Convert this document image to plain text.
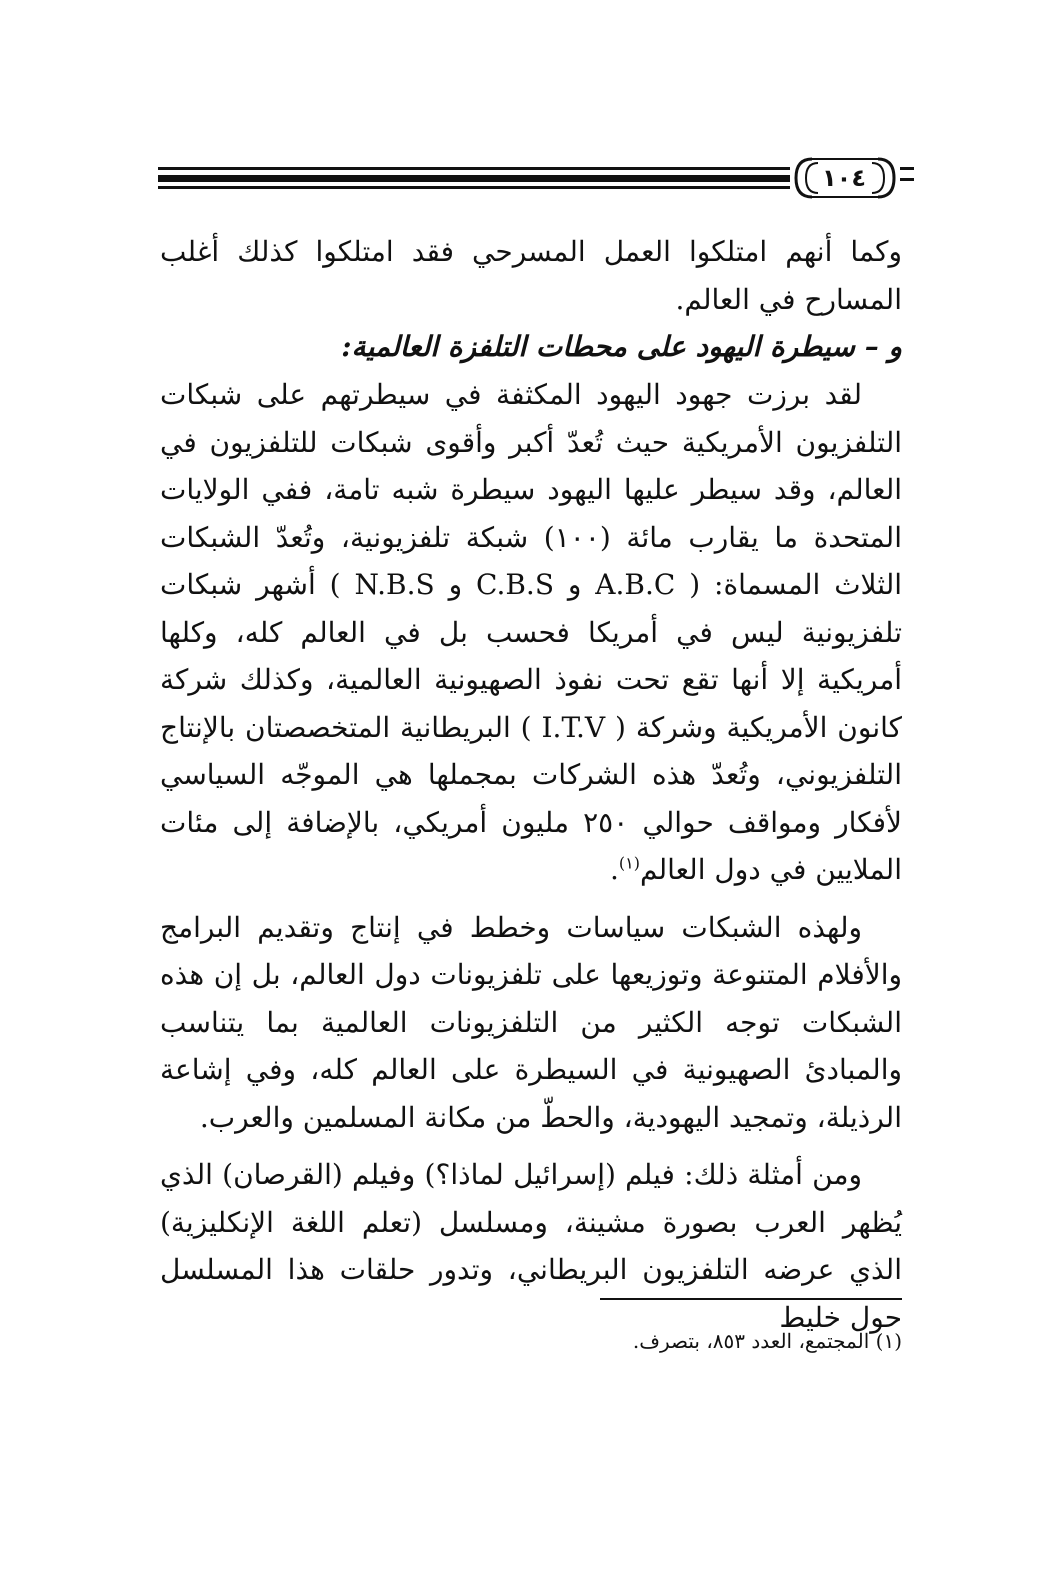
١٠٤

وكما أنهم امتلكوا العمل المسرحي فقد امتلكوا كذلك أغلب المسارح في العالم.

و – سيطرة اليهود على محطات التلفزة العالمية:

لقد برزت جهود اليهود المكثفة في سيطرتهم على شبكات التلفزيون الأمريكية حيث تُعدّ أكبر وأقوى شبكات للتلفزيون في العالم، وقد سيطر عليها اليهود سيطرة شبه تامة، ففي الولايات المتحدة ما يقارب مائة (١٠٠) شبكة تلفزيونية، وتُعدّ الشبكات الثلاث المسماة: ( A.B.C و C.B.S و N.B.S ) أشهر شبكات تلفزيونية ليس في أمريكا فحسب بل في العالم كله، وكلها أمريكية إلا أنها تقع تحت نفوذ الصهيونية العالمية، وكذلك شركة كانون الأمريكية وشركة ( I.T.V ) البريطانية المتخصصتان بالإنتاج التلفزيوني، وتُعدّ هذه الشركات بمجملها هي الموجّه السياسي لأفكار ومواقف حوالي ٢٥٠ مليون أمريكي، بالإضافة إلى مئات الملايين في دول العالم$^{(١)}$.

ولهذه الشبكات سياسات وخطط في إنتاج وتقديم البرامج والأفلام المتنوعة وتوزيعها على تلفزيونات دول العالم، بل إن هذه الشبكات توجه الكثير من التلفزيونات العالمية بما يتناسب والمبادئ الصهيونية في السيطرة على العالم كله، وفي إشاعة الرذيلة، وتمجيد اليهودية، والحطّ من مكانة المسلمين والعرب.

ومن أمثلة ذلك: فيلم (إسرائيل لماذا؟) وفيلم (القرصان) الذي يُظهر العرب بصورة مشينة، ومسلسل (تعلم اللغة الإنكليزية) الذي عرضه التلفزيون البريطاني، وتدور حلقات هذا المسلسل حول خليط

(١) المجتمع، العدد ٨٥٣، بتصرف.
